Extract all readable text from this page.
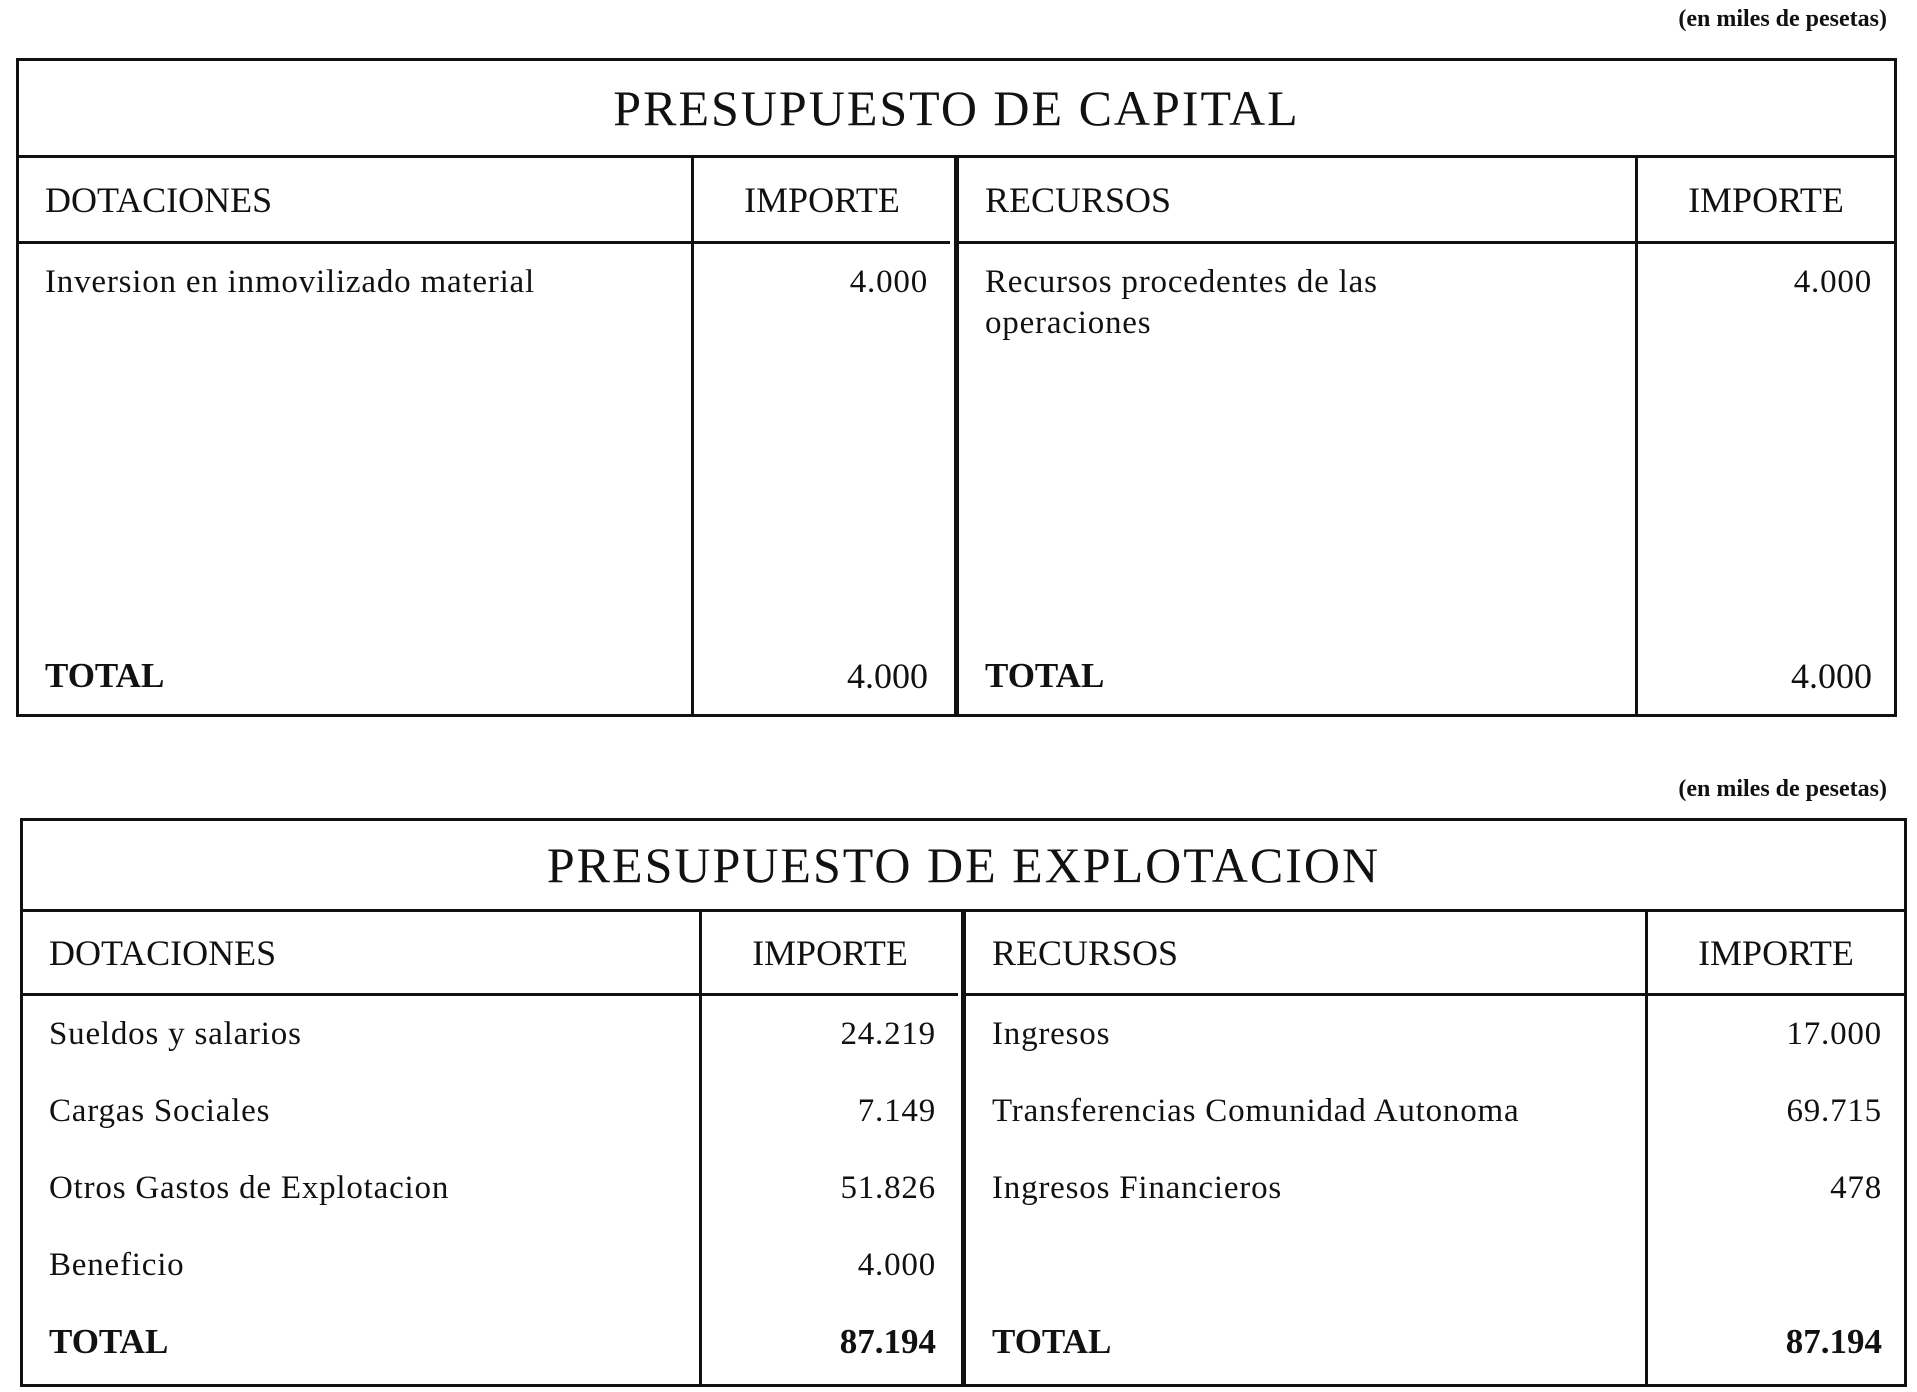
(en miles de pesetas)
PRESUPUESTO DE CAPITAL
DOTACIONES
Inversion en inmovilizado material
TOTAL
IMPORTE
4.000
4.000
RECURSOS
Recursos procedentes de las operaciones
TOTAL
IMPORTE
4.000
4.000
(en miles de pesetas)
PRESUPUESTO DE EXPLOTACION
DOTACIONES
Sueldos y salarios
Cargas Sociales
Otros Gastos de Explotacion
Beneficio
TOTAL
IMPORTE
24.219
7.149
51.826
4.000
87.194
RECURSOS
Ingresos
Transferencias Comunidad Autonoma
Ingresos Financieros
TOTAL
IMPORTE
17.000
69.715
478
87.194
